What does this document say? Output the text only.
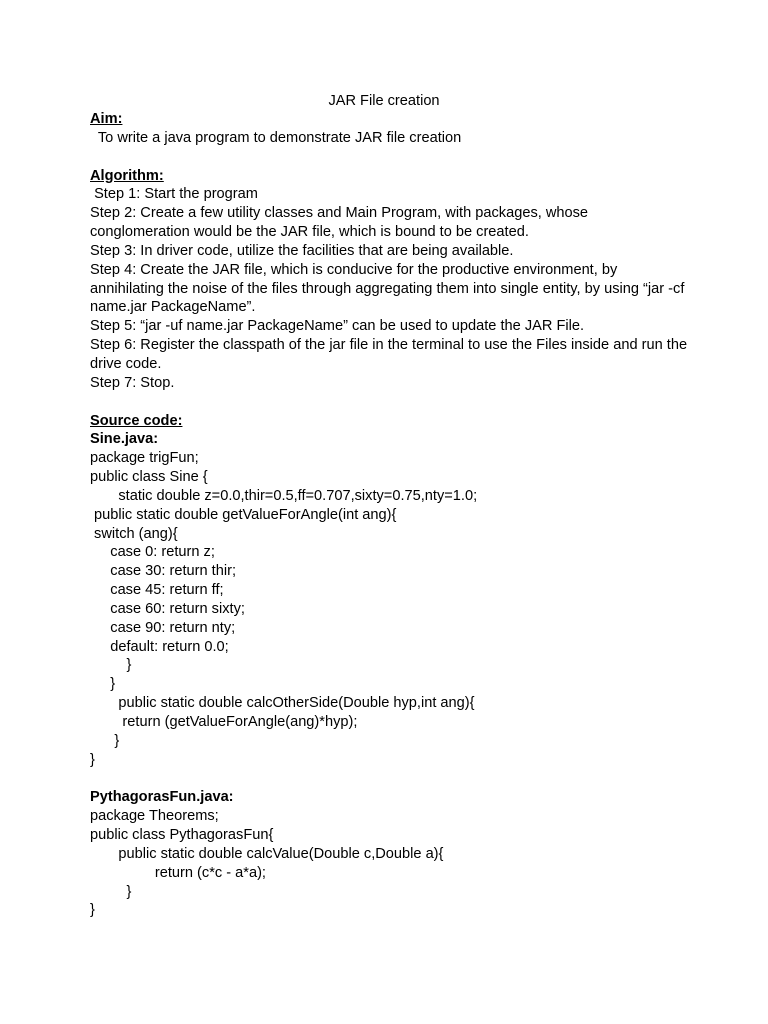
JAR File creation
Aim:
To write a java program to demonstrate JAR file creation
Algorithm:
Step 1: Start the program
Step 2: Create a few utility classes and Main Program, with packages, whose conglomeration would be the JAR file, which is bound to be created.
Step 3: In driver code, utilize the facilities that are being available.
Step 4: Create the JAR file, which is conducive for the productive environment, by annihilating the noise of the files through aggregating them into single entity, by using “jar -cf name.jar PackageName”.
Step 5: “jar -uf name.jar PackageName” can be used to update the JAR File.
Step 6: Register the classpath of the jar file in the terminal to use the Files inside and run the drive code.
Step 7: Stop.
Source code:
Sine.java:
package trigFun;
public class Sine {
static double z=0.0,thir=0.5,ff=0.707,sixty=0.75,nty=1.0;
public static double getValueForAngle(int ang){
switch (ang){
case 0: return z;
case 30: return thir;
case 45: return ff;
case 60: return sixty;
case 90: return nty;
default: return 0.0;
}
}
public static double calcOtherSide(Double hyp,int ang){
return (getValueForAngle(ang)*hyp);
}
}
PythagorasFun.java:
package Theorems;
public class PythagorasFun{
public static double calcValue(Double c,Double a){
return (c*c - a*a);
}
}
